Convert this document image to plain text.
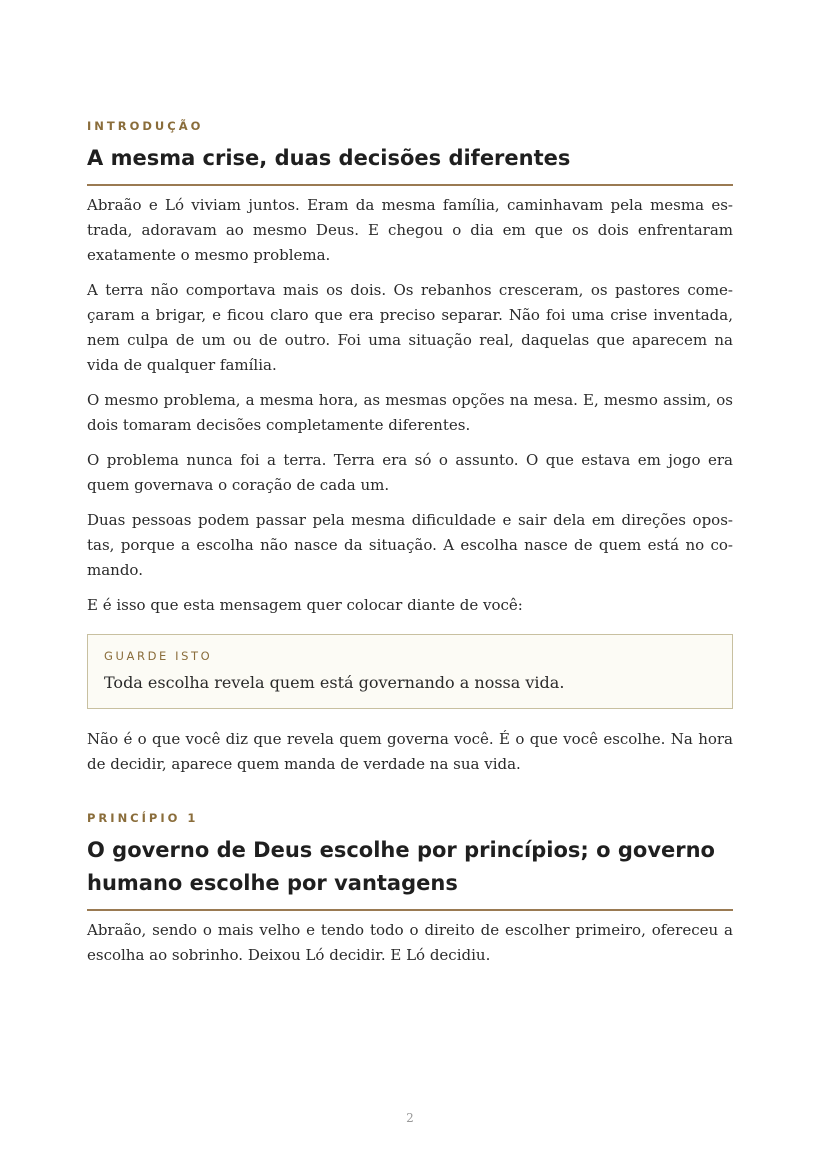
INTRODUÇÃO

A mesma crise, duas decisões diferentes

Abraão e Ló viviam juntos. Eram da mesma família, caminhavam pela mesma estrada, adoravam ao mesmo Deus. E chegou o dia em que os dois enfrentaram exatamente o mesmo problema.

A terra não comportava mais os dois. Os rebanhos cresceram, os pastores começaram a brigar, e ficou claro que era preciso separar. Não foi uma crise inventada, nem culpa de um ou de outro. Foi uma situação real, daquelas que aparecem na vida de qualquer família.

O mesmo problema, a mesma hora, as mesmas opções na mesa. E, mesmo assim, os dois tomaram decisões completamente diferentes.

O problema nunca foi a terra. Terra era só o assunto. O que estava em jogo era quem governava o coração de cada um.

Duas pessoas podem passar pela mesma dificuldade e sair dela em direções opostas, porque a escolha não nasce da situação. A escolha nasce de quem está no comando.

E é isso que esta mensagem quer colocar diante de você:

GUARDE ISTO

Toda escolha revela quem está governando a nossa vida.

Não é o que você diz que revela quem governa você. É o que você escolhe. Na hora de decidir, aparece quem manda de verdade na sua vida.

PRINCÍPIO 1

O governo de Deus escolhe por princípios; o governo humano escolhe por vantagens

Abraão, sendo o mais velho e tendo todo o direito de escolher primeiro, ofereceu a escolha ao sobrinho. Deixou Ló decidir. E Ló decidiu.

2
